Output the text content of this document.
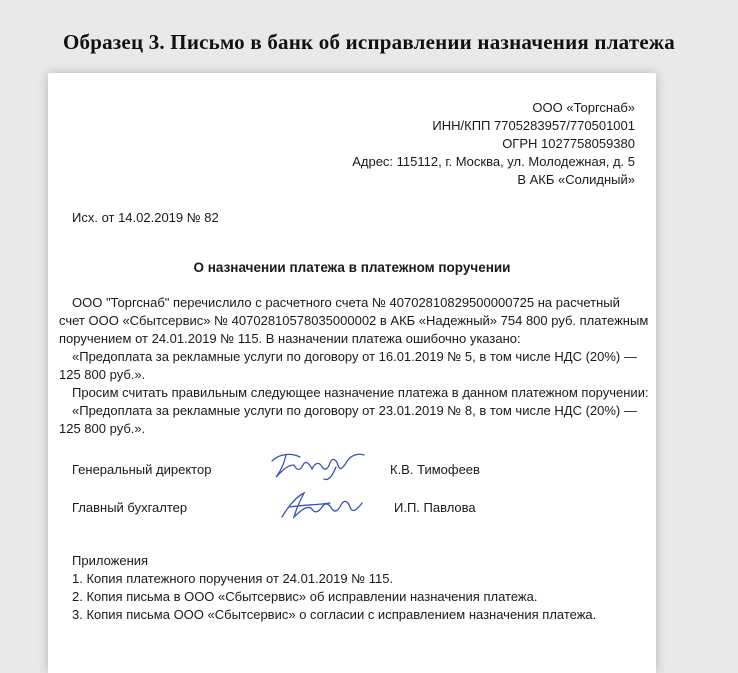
Образец 3. Письмо в банк об исправлении назначения платежа
ООО «Торгснаб»
ИНН/КПП 7705283957/770501001
ОГРН 1027758059380
Адрес: 115112, г. Москва, ул. Молодежная, д. 5
В АКБ «Солидный»
Исх. от 14.02.2019 № 82
О назначении платежа в платежном поручении
ООО "Торгснаб" перечислило с расчетного счета № 40702810829500000725 на расчетный
счет ООО «Сбытсервис» № 40702810578035000002 в АКБ «Надежный» 754 800 руб. платежным
поручением от 24.01.2019 № 115. В назначении платежа ошибочно указано:
«Предоплата за рекламные услуги по договору от 16.01.2019 № 5, в том числе НДС (20%) —
125 800 руб.».
Просим считать правильным следующее назначение платежа в данном платежном поручении:
«Предоплата за рекламные услуги по договору от 23.01.2019 № 8, в том числе НДС (20%) —
125 800 руб.».
Генеральный директор	К.В. Тимофеев
Главный бухгалтер	И.П. Павлова
Приложения
1. Копия платежного поручения от 24.01.2019 № 115.
2. Копия письма в ООО «Сбытсервис» об исправлении назначения платежа.
3. Копия письма ООО «Сбытсервис» о согласии с исправлением назначения платежа.
